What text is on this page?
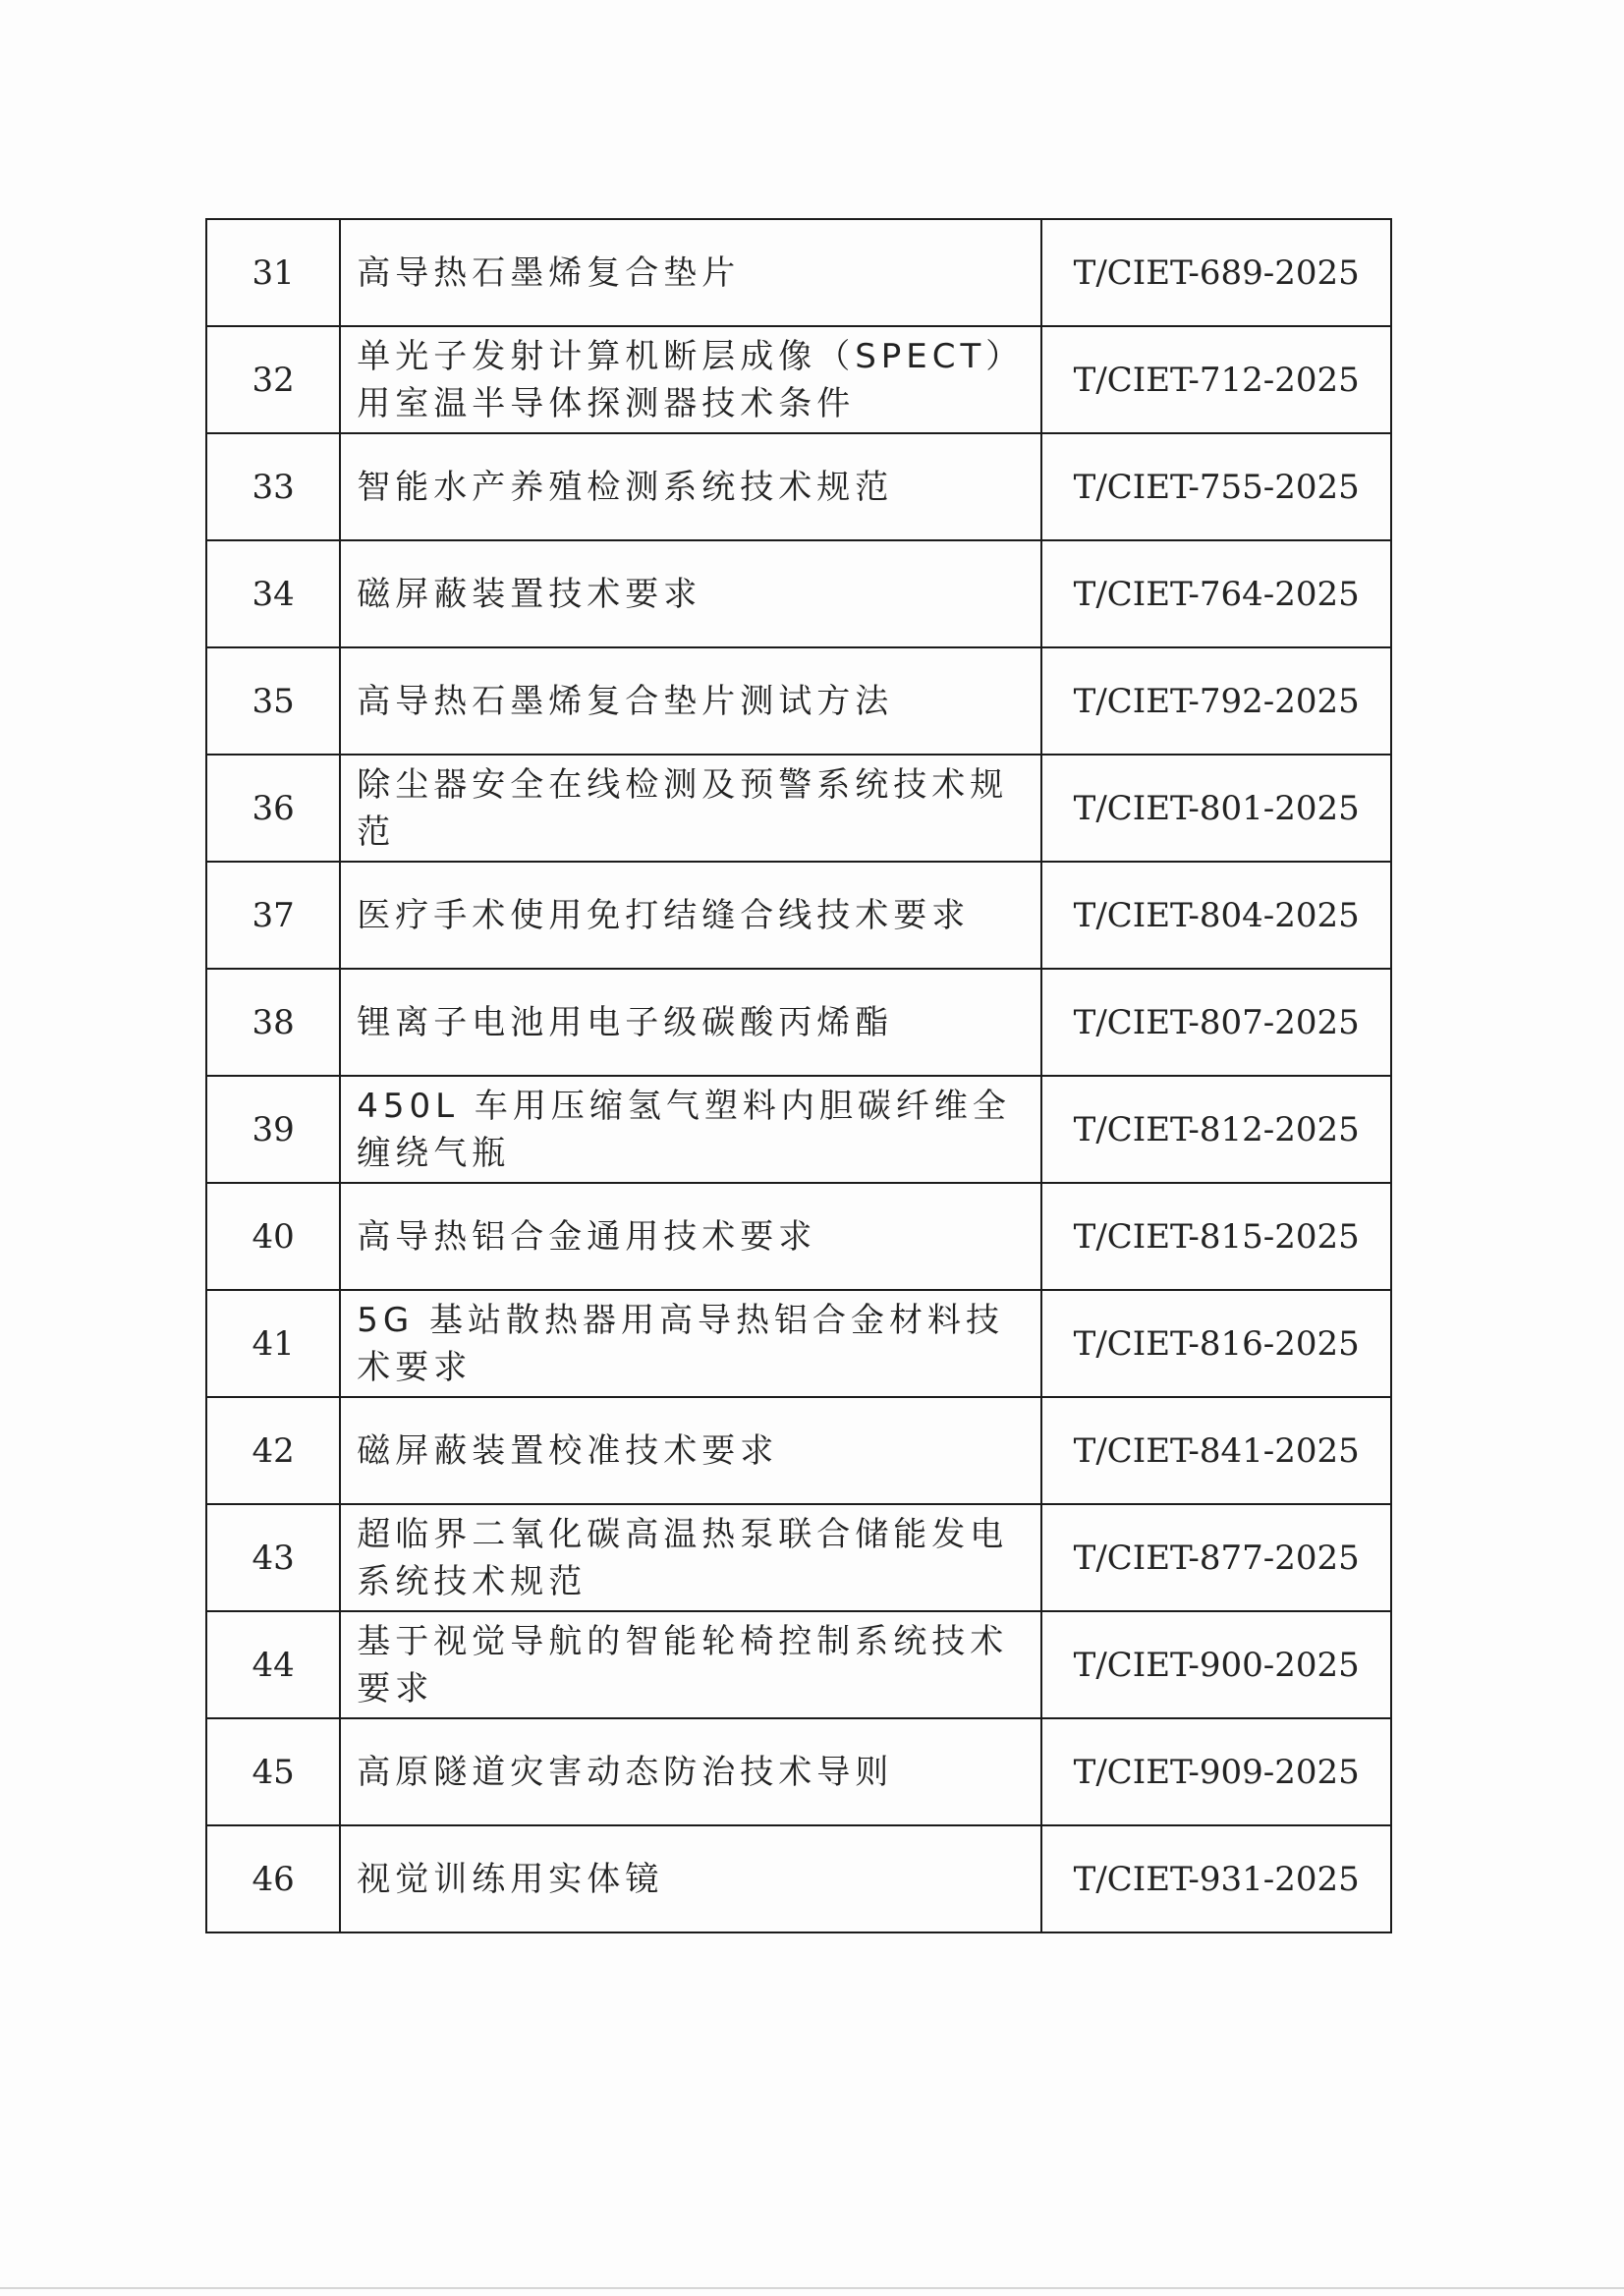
31	高导热石墨烯复合垫片	T/CIET-689-2025
32	单光子发射计算机断层成像（SPECT）用室温半导体探测器技术条件	T/CIET-712-2025
33	智能水产养殖检测系统技术规范	T/CIET-755-2025
34	磁屏蔽装置技术要求	T/CIET-764-2025
35	高导热石墨烯复合垫片测试方法	T/CIET-792-2025
36	除尘器安全在线检测及预警系统技术规范	T/CIET-801-2025
37	医疗手术使用免打结缝合线技术要求	T/CIET-804-2025
38	锂离子电池用电子级碳酸丙烯酯	T/CIET-807-2025
39	450L 车用压缩氢气塑料内胆碳纤维全缠绕气瓶	T/CIET-812-2025
40	高导热铝合金通用技术要求	T/CIET-815-2025
41	5G 基站散热器用高导热铝合金材料技术要求	T/CIET-816-2025
42	磁屏蔽装置校准技术要求	T/CIET-841-2025
43	超临界二氧化碳高温热泵联合储能发电系统技术规范	T/CIET-877-2025
44	基于视觉导航的智能轮椅控制系统技术要求	T/CIET-900-2025
45	高原隧道灾害动态防治技术导则	T/CIET-909-2025
46	视觉训练用实体镜	T/CIET-931-2025
